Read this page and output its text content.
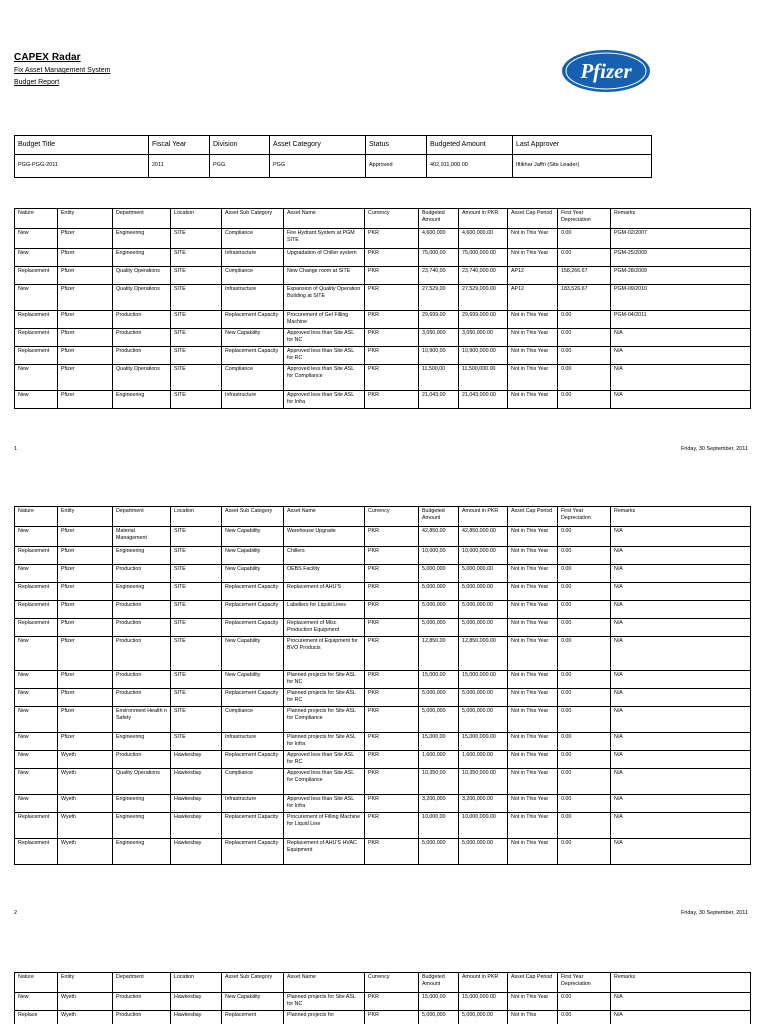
CAPEX Radar
Fix Asset Management System
Budget Report	Pfizer
Budget Title	Fiscal Year	Division	Asset Category	Status	Budgeted Amount	Last Approver
PGG-PGG-2011	2011	PGG	PGG	Approved	402,911,000.00	Iftikhar Jaffri (Site Leader)
Nature	Entity	Department	Location	Asset Sub Category	Asset Name	Currency	Budgeted Amount	Amount in PKR	Asset Cap Period	First Year Depreciation	Remarks
New	Pfizer	Engineering	SITE	Compliance	Fire Hydrant System at PGM SITE	PKR	4,600,000	4,600,000.00	Not in This Year	0.00	PGM-02/2007
New	Pfizer	Engineering	SITE	Infrastructure	Upgradation of Chiller system	PKR	75,000,00	75,000,000.00	Not in This Year	0.00	PGM-25/2009
Replacement	Pfizer	Quality Operations	SITE	Compliance	New Change room at SITE	PKR	23,740,00	23,740,000.00	AP12	158,266.67	PGM-28/2009
New	Pfizer	Quality Operations	SITE	Infrastructure	Expansion of Quality Operation Building at SITE	PKR	27,529,00	27,529,000.00	AP12	183,526.67	PGM-09/2010
Replacement	Pfizer	Production	SITE	Replacement Capacity	Procurement of Gel Filling Machine	PKR	29,699,00	29,699,000.00	Not in This Year	0.00	PGM-04/2011
Replacement	Pfizer	Production	SITE	New Capability	Approved less than Site ASL for NC	PKR	3,050,000	3,050,000.00	Not in This Year	0.00	N/A
Replacement	Pfizer	Production	SITE	Replacement Capacity	Approved less than Site ASL for RC	PKR	10,900,00	10,900,000.00	Not in This Year	0.00	N/A
New	Pfizer	Quality Operations	SITE	Compliance	Approved less than Site ASL for Compliance	PKR	11,500,00	11,500,000.00	Not in This Year	0.00	N/A
New	Pfizer	Engineering	SITE	Infrastructure	Approved less than Site ASL for Infra	PKR	21,043,00	21,043,000.00	Not in This Year	0.00	N/A
1	Friday, 30 September, 2011
Nature	Entity	Department	Location	Asset Sub Category	Asset Name	Currency	Budgeted Amount	Amount in PKR	Asset Cap Period	First Year Depreciation	Remarks
New	Pfizer	Material Management	SITE	New Capability	Warehouse Upgrade	PKR	42,850,00	42,850,000.00	Not in This Year	0.00	N/A
Replacement	Pfizer	Engineering	SITE	New Capability	Chillers	PKR	10,000,00	10,000,000.00	Not in This Year	0.00	N/A
New	Pfizer	Production	SITE	New Capability	OEBS Facility	PKR	5,000,000	5,000,000.00	Not in This Year	0.00	N/A
Replacement	Pfizer	Engineering	SITE	Replacement Capacity	Replacement of AHU'S	PKR	5,000,000	5,000,000.00	Not in This Year	0.00	N/A
Replacement	Pfizer	Production	SITE	Replacement Capacity	Labellers for Liquid Lines	PKR	5,000,000	5,000,000.00	Not in This Year	0.00	N/A
Replacement	Pfizer	Production	SITE	Replacement Capacity	Replacement of Misc Production Equipment	PKR	5,000,000	5,000,000.00	Not in This Year	0.00	N/A
New	Pfizer	Production	SITE	New Capability	Procurement of Equipment for BVO Products	PKR	12,850,00	12,850,000.00	Not in This Year	0.00	N/A
New	Pfizer	Production	SITE	New Capability	Planned projects for Site ASL for NC	PKR	15,000,00	15,000,000.00	Not in This Year	0.00	N/A
New	Pfizer	Production	SITE	Replacement Capacity	Planned projects for Site ASL for RC	PKR	5,000,000	5,000,000.00	Not in This Year	0.00	N/A
New	Pfizer	Environment Health n Safety	SITE	Compliance	Planned projects for Site ASL for Compliance	PKR	5,000,000	5,000,000.00	Not in This Year	0.00	N/A
New	Pfizer	Engineering	SITE	Infrastructure	Planned projects for Site ASL for Infra	PKR	15,000,00	15,000,000.00	Not in This Year	0.00	N/A
New	Wyeth	Production	Hawkesbay	Replacement Capacity	Approved less than Site ASL for RC	PKR	1,600,000	1,600,000.00	Not in This Year	0.00	N/A
New	Wyeth	Quality Operations	Hawkesbay	Compliance	Approved less than Site ASL for Compliance	PKR	10,350,00	10,350,000.00	Not in This Year	0.00	N/A
New	Wyeth	Engineering	Hawkesbay	Infrastructure	Approved less than Site ASL for Infra	PKR	3,200,000	3,200,000.00	Not in This Year	0.00	N/A
Replacement	Wyeth	Engineering	Hawkesbay	Replacement Capacity	Procurement of Filling Machine for Liquid Line	PKR	10,000,00	10,000,000.00	Not in This Year	0.00	N/A
Replacement	Wyeth	Engineering	Hawkesbay	Replacement Capacity	Replacement of AHU'S HVAC Equipment	PKR	5,000,000	5,000,000.00	Not in This Year	0.00	N/A
2	Friday, 30 September, 2011
Nature	Entity	Department	Location	Asset Sub Category	Asset Name	Currency	Budgeted Amount	Amount in PKR	Asset Cap Period	First Year Depreciation	Remarks
New	Wyeth	Production	Hawkesbay	New Capability	Planned projects for Site ASL for NC	PKR	15,000,00	15,000,000.00	Not in This Year	0.00	N/A
Replace	Wyeth	Production	Hawkesbay	Replacement	Planned projects for	PKR	5,000,000	5,000,000.00	Not in This	0.00	N/A
